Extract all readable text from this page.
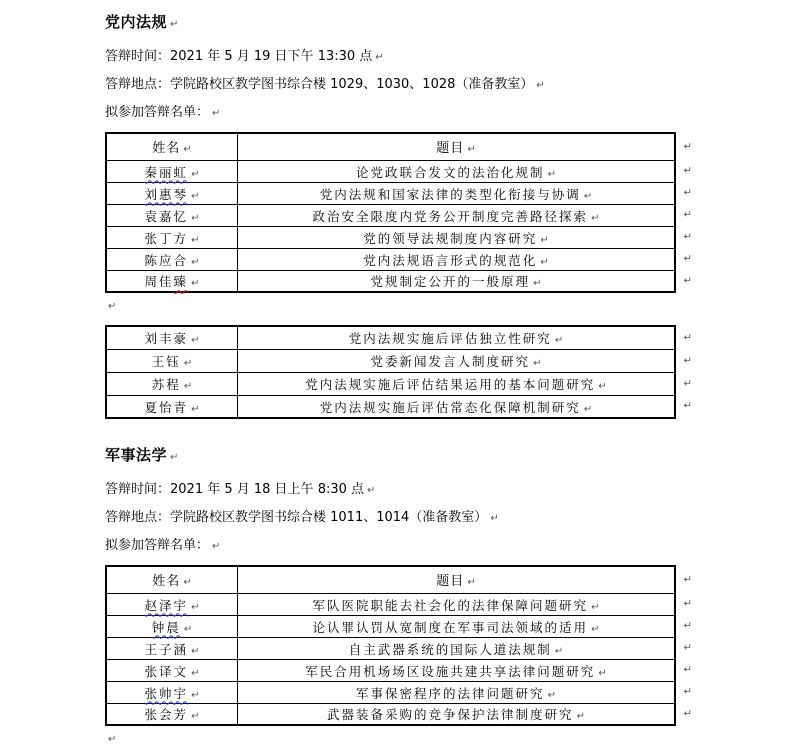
党内法规 ↵
答辩时间：2021 年 5 月 19 日下午 13:30 点 ↵
答辩地点：学院路校区教学图书综合楼 1029、1030、1028（准备教室） ↵
拟参加答辩名单： ↵
姓名 ↵	题目 ↵ ↵

秦丽虹 ↵	论党政联合发文的法治化规制 ↵ ↵

刘惠琴 ↵	党内法规和国家法律的类型化衔接与协调 ↵ ↵

袁嘉忆 ↵	政治安全限度内党务公开制度完善路径探索 ↵ ↵

张丁方 ↵	党的领导法规制度内容研究 ↵ ↵

陈应合 ↵	党内法规语言形式的规范化 ↵ ↵

周佳臻 ↵	党规制定公开的一般原理 ↵ ↵
↵
刘丰豪 ↵	党内法规实施后评估独立性研究 ↵ ↵

王钰 ↵	党委新闻发言人制度研究 ↵ ↵

苏程 ↵	党内法规实施后评估结果运用的基本问题研究 ↵ ↵

夏怡青 ↵	党内法规实施后评估常态化保障机制研究 ↵ ↵
军事法学 ↵
答辩时间：2021 年 5 月 18 日上午 8:30 点 ↵
答辩地点：学院路校区教学图书综合楼 1011、1014（准备教室） ↵
拟参加答辩名单： ↵
姓名 ↵	题目 ↵ ↵

赵泽宇 ↵	军队医院职能去社会化的法律保障问题研究 ↵ ↵

钟晨 ↵	论认罪认罚从宽制度在军事司法领域的适用 ↵ ↵

王子涵 ↵	自主武器系统的国际人道法规制 ↵ ↵

张译文 ↵	军民合用机场场区设施共建共享法律问题研究 ↵ ↵

张帅宇 ↵	军事保密程序的法律问题研究 ↵ ↵

张会芳 ↵	武器装备采购的竞争保护法律制度研究 ↵ ↵
↵
